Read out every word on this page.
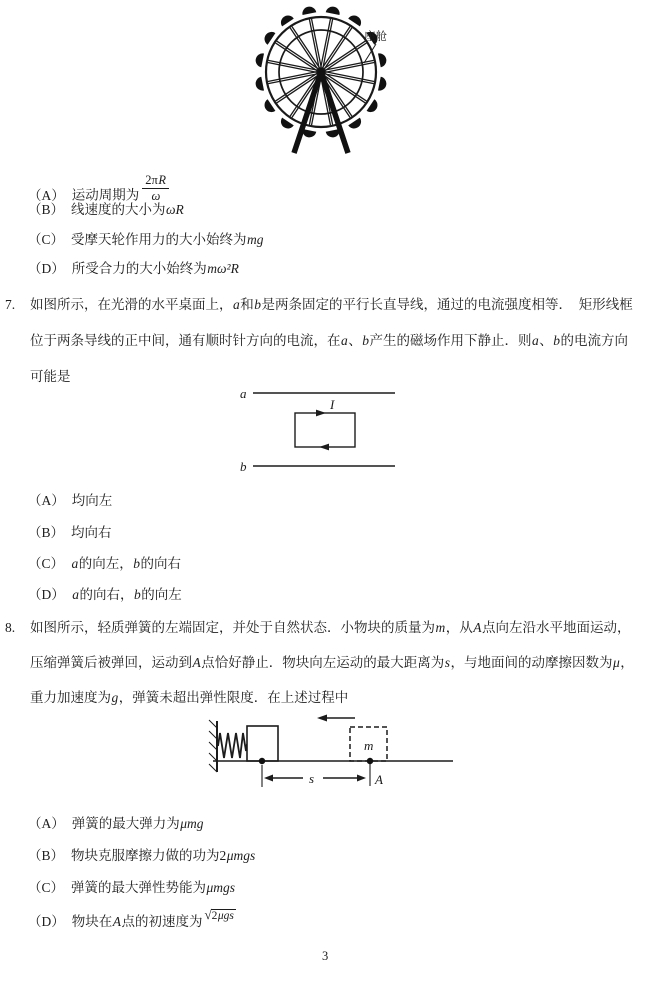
座舱
（A） 运动周期为 $\frac{2\pi R}{\omega}$
（B） 线速度的大小为ωR
（C） 受摩天轮作用力的大小始终为mg
（D） 所受合力的大小始终为mω²R
7. 如图所示，在光滑的水平桌面上，a和b是两条固定的平行长直导线，通过的电流强度相等．　矩形线框
位于两条导线的正中间，通有顺时针方向的电流，在a、b产生的磁场作用下静止．则a、b的电流方向
可能是
a
I
b
（A） 均向左
（B） 均向右
（C） a的向左，b的向右
（D） a的向右，b的向左
8. 如图所示，轻质弹簧的左端固定，并处于自然状态．小物块的质量为m，从A点向左沿水平地面运动，
压缩弹簧后被弹回，运动到A点恰好静止．物块向左运动的最大距离为s，与地面间的动摩擦因数为μ，
重力加速度为g，弹簧未超出弹性限度．在上述过程中
m
A
s
（A） 弹簧的最大弹力为μmg
（B） 物块克服摩擦力做的功为2μmgs
（C） 弹簧的最大弹性势能为μmgs
（D） 物块在A点的初速度为 √2μgs
3
